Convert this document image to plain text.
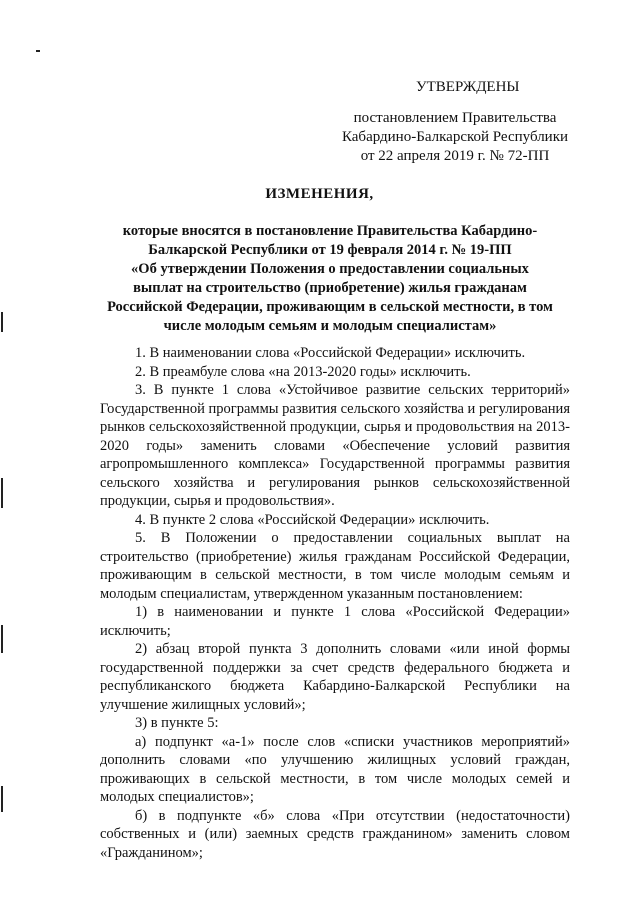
УТВЕРЖДЕНЫ
постановлением Правительства
Кабардино-Балкарской Республики
от 22 апреля 2019 г. № 72-ПП
ИЗМЕНЕНИЯ,
которые вносятся в постановление Правительства Кабардино-
Балкарской Республики от 19 февраля 2014 г. № 19-ПП
«Об утверждении Положения о предоставлении социальных
выплат на строительство (приобретение) жилья гражданам
Российской Федерации, проживающим в сельской местности, в том
числе молодым семьям и молодым специалистам»

1. В наименовании слова «Российской Федерации» исключить.

2. В преамбуле слова «на 2013-2020 годы» исключить.

3. В пункте 1 слова «Устойчивое развитие сельских территорий» Государственной программы развития сельского хозяйства и регулирования рынков сельскохозяйственной продукции, сырья и продовольствия на 2013-2020 годы» заменить словами «Обеспечение условий развития агропромышленного комплекса» Государственной программы развития сельского хозяйства и регулирования рынков сельскохозяйственной продукции, сырья и продовольствия».

4. В пункте 2 слова «Российской Федерации» исключить.

5. В Положении о предоставлении социальных выплат на строительство (приобретение) жилья гражданам Российской Федерации, проживающим в сельской местности, в том числе молодым семьям и молодым специалистам, утвержденном указанным постановлением:

1) в наименовании и пункте 1 слова «Российской Федерации» исключить;

2) абзац второй пункта 3 дополнить словами «или иной формы государственной поддержки за счет средств федерального бюджета и республиканского бюджета Кабардино-Балкарской Республики на улучшение жилищных условий»;

3) в пункте 5:

а) подпункт «а-1» после слов «списки участников мероприятий» дополнить словами «по улучшению жилищных условий граждан, проживающих в сельской местности, в том числе молодых семей и молодых специалистов»;

б) в подпункте «б» слова «При отсутствии (недостаточности) собственных и (или) заемных средств гражданином» заменить словом «Гражданином»;
